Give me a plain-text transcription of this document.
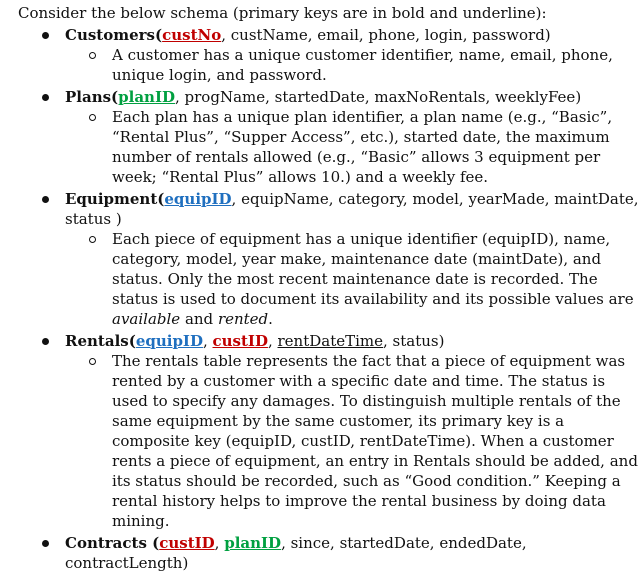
Consider the below schema (primary keys are in bold and underline):

Customers(custNo, custName, email, phone, login, password)
A customer has a unique customer identifier, name, email, phone, unique login, and password.
Plans(planID, progName, startedDate, maxNoRentals, weeklyFee)
Each plan has a unique plan identifier, a plan name (e.g., “Basic”, “Rental Plus”, “Supper Access”, etc.), started date, the maximum number of rentals allowed (e.g., “Basic” allows 3 equipment per week; “Rental Plus” allows 10.) and a weekly fee.
Equipment(equipID, equipName, category, model, yearMade, maintDate, status )
Each piece of equipment has a unique identifier (equipID), name, category, model, year make, maintenance date (maintDate), and status. Only the most recent maintenance date is recorded. The status is used to document its availability and its possible values are available and rented.
Rentals(equipID, custID, rentDateTime, status)
The rentals table represents the fact that a piece of equipment was rented by a customer with a specific date and time. The status is used to specify any damages. To distinguish multiple rentals of the same equipment by the same customer, its primary key is a composite key (equipID, custID, rentDateTime). When a customer rents a piece of equipment, an entry in Rentals should be added, and its status should be recorded, such as “Good condition.” Keeping a rental history helps to improve the rental business by doing data mining.
Contracts (custID, planID, since, startedDate, endedDate, contractLength)
